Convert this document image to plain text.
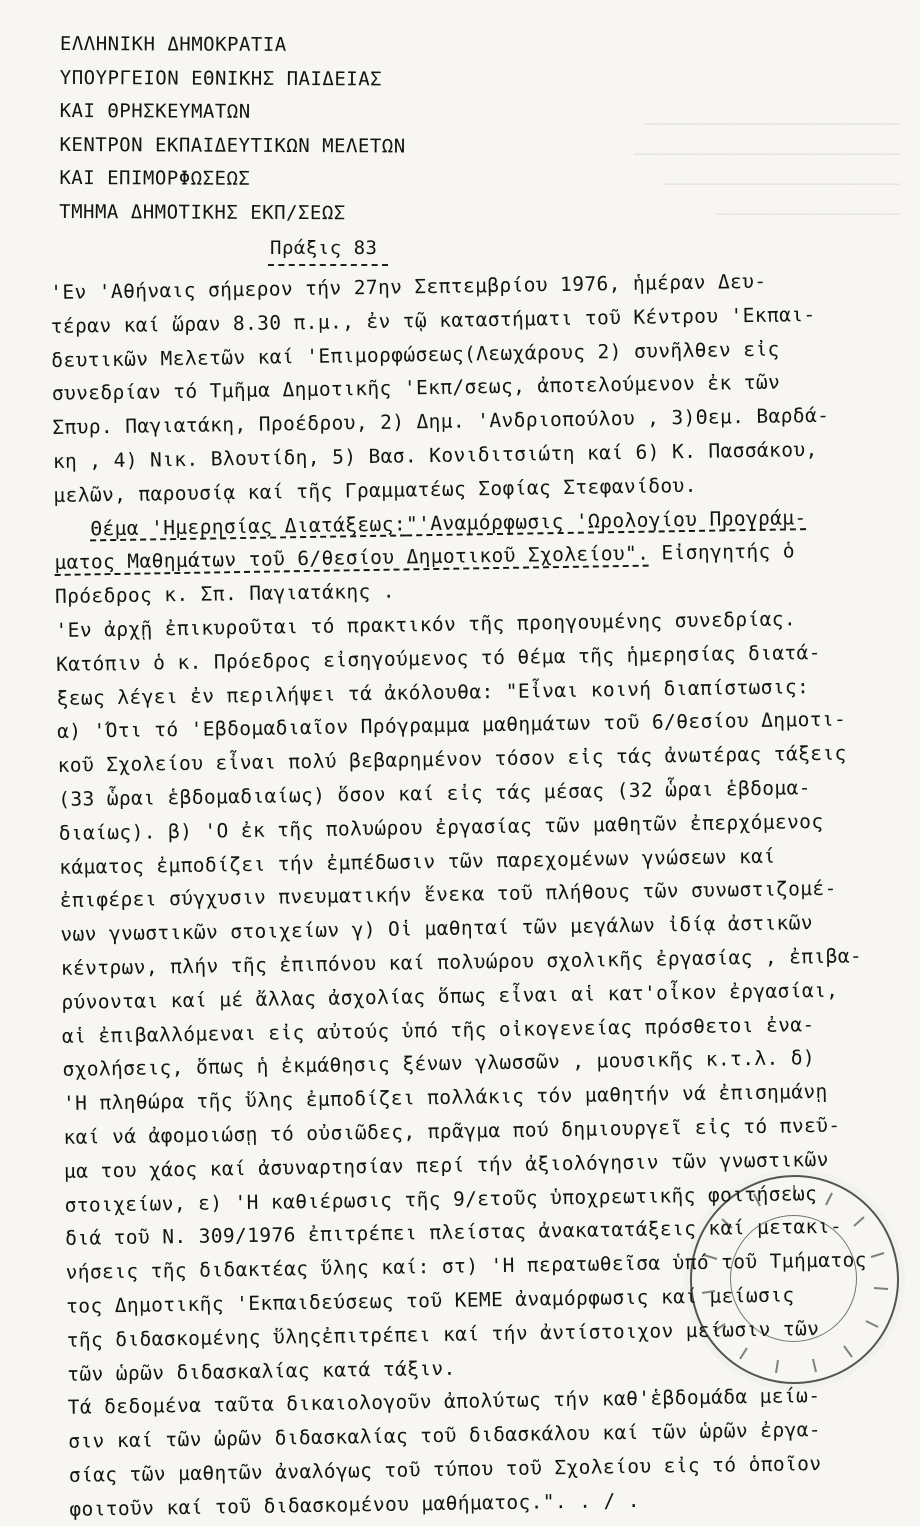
─────────────────────────
──────────────────────────
───────────────────────
──────────────────

ΕΛΛΗΝΙΚΗ ΔΗΜΟΚΡΑΤΙΑ
ΥΠΟΥΡΓΕΙΟΝ ΕΘΝΙΚΗΣ ΠΑΙΔΕΙΑΣ
ΚΑΙ ΘΡΗΣΚΕΥΜΑΤΩΝ
ΚΕΝΤΡΟΝ ΕΚΠΑΙΔΕΥΤΙΚΩΝ ΜΕΛΕΤΩΝ
ΚΑΙ ΕΠΙΜΟΡΦΩΣΕΩΣ
ΤΜΗΜΑ ΔΗΜΟΤΙΚΗΣ ΕΚΠ/ΣΕΩΣ
Πράξις 83
'Εν 'Αθήναις σήμερον τήν 27ην Σεπτεμβρίου 1976, ἡμέραν Δευ-
τέραν καί ὥραν 8.30 π.μ., ἐν τῷ καταστήματι τοῦ Κέντρου 'Εκπαι-
δευτικῶν Μελετῶν καί 'Επιμορφώσεως(Λεωχάρους 2) συνῆλθεν εἰς
συνεδρίαν τό Τμῆμα Δημοτικῆς 'Εκπ/σεως, ἀποτελούμενον ἐκ τῶν
Σπυρ. Παγιατάκη, Προέδρου, 2) Δημ. 'Ανδριοπούλου , 3)Θεμ. Βαρδά-
κη , 4) Νικ. Βλουτίδη, 5) Βασ. Κονιδιτσιώτη καί 6) Κ. Πασσάκου,
μελῶν, παρουσίᾳ καί τῆς Γραμματέως Σοφίας Στεφανίδου.
Θέμα 'Ημερησίας Διατάξεως:"'Αναμόρφωσις 'Ωρολογίου Προγράμ-
ματος Μαθημάτων τοῦ 6/θεσίου Δημοτικοῦ Σχολείου". Εἰσηγητής ὁ
Πρόεδρος κ. Σπ. Παγιατάκης .
'Εν ἀρχῇ ἐπικυροῦται τό πρακτικόν τῆς προηγουμένης συνεδρίας.
Κατόπιν ὁ κ. Πρόεδρος εἰσηγούμενος τό θέμα τῆς ἡμερησίας διατά-
ξεως λέγει ἐν περιλήψει τά ἀκόλουθα: "Εἶναι κοινή διαπίστωσις:
α) 'Ότι τό 'Εβδομαδιαῖον Πρόγραμμα μαθημάτων τοῦ 6/θεσίου Δημοτι-
κοῦ Σχολείου εἶναι πολύ βεβαρημένον τόσον εἰς τάς ἀνωτέρας τάξεις
(33 ὧραι ἑβδομαδιαίως) ὅσον καί εἰς τάς μέσας (32 ὧραι ἑβδομα-
διαίως). β) 'Ο ἐκ τῆς πολυώρου ἐργασίας τῶν μαθητῶν ἐπερχόμενος
κάματος ἐμποδίζει τήν ἐμπέδωσιν τῶν παρεχομένων γνώσεων καί
ἐπιφέρει σύγχυσιν πνευματικήν ἕνεκα τοῦ πλήθους τῶν συνωστιζομέ-
νων γνωστικῶν στοιχείων γ) Οἱ μαθηταί τῶν μεγάλων ἰδίᾳ ἀστικῶν
κέντρων, πλήν τῆς ἐπιπόνου καί πολυώρου σχολικῆς ἐργασίας , ἐπιβα-
ρύνονται καί μέ ἄλλας ἀσχολίας ὅπως εἶναι αἱ κατ'οἶκον ἐργασίαι,
αἱ ἐπιβαλλόμεναι εἰς αὐτούς ὑπό τῆς οἰκογενείας πρόσθετοι ἐνα-
σχολήσεις, ὅπως ἡ ἐκμάθησις ξένων γλωσσῶν , μουσικῆς κ.τ.λ. δ)
'Η πληθώρα τῆς ὕλης ἐμποδίζει πολλάκις τόν μαθητήν νά ἐπισημάνῃ
καί νά ἀφομοιώσῃ τό οὐσιῶδες, πρᾶγμα πού δημιουργεῖ εἰς τό πνεῦ-
μα του χάος καί ἀσυναρτησίαν περί τήν ἀξιολόγησιν τῶν γνωστικῶν
στοιχείων, ε) 'Η καθιέρωσις τῆς 9/ετοῦς ὑποχρεωτικῆς φοιτήσεως
διά τοῦ Ν. 309/1976 ἐπιτρέπει πλείστας ἀνακατατάξεις καί μετακι-
νήσεις τῆς διδακτέας ὕλης καί: στ) 'Η περατωθεῖσα ὑπό τοῦ Τμήματος
τος Δημοτικῆς 'Εκπαιδεύσεως τοῦ ΚΕΜΕ ἀναμόρφωσις καί μείωσις
τῆς διδασκομένης ὕληςἐπιτρέπει καί τήν ἀντίστοιχον μείωσιν τῶν
τῶν ὡρῶν διδασκαλίας κατά τάξιν.
Τά δεδομένα ταῦτα δικαιολογοῦν ἀπολύτως τήν καθ'ἑβδομάδα μείω-
σιν καί τῶν ὡρῶν διδασκαλίας τοῦ διδασκάλου καί τῶν ὡρῶν ἐργα-
σίας τῶν μαθητῶν ἀναλόγως τοῦ τύπου τοῦ Σχολείου εἰς τό ὁποῖον
φοιτοῦν καί τοῦ διδασκομένου μαθήματος.". . / .
